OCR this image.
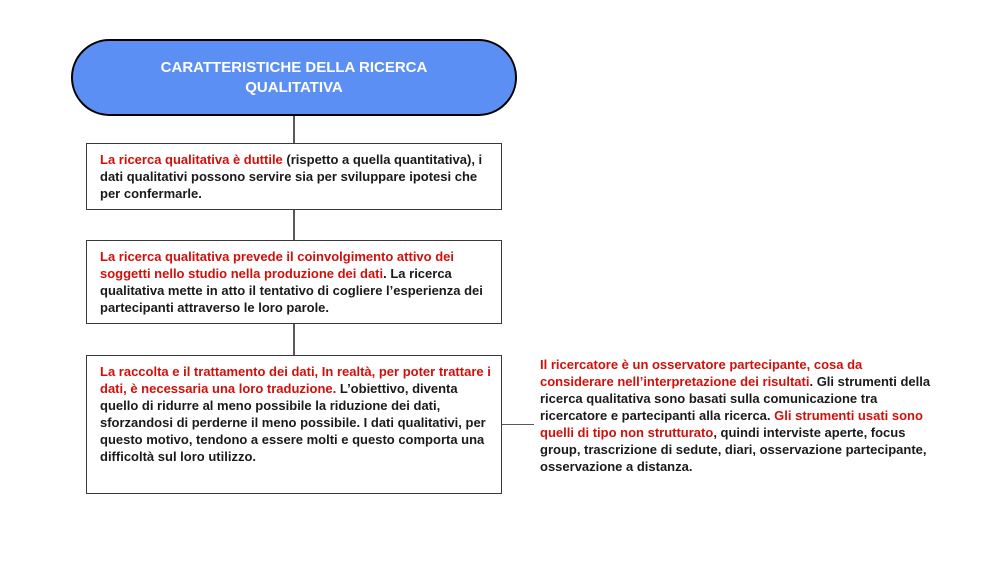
CARATTERISTICHE DELLA RICERCA
QUALITATIVA
La ricerca qualitativa è duttile (rispetto a quella quantitativa), i dati qualitativi possono servire sia per sviluppare ipotesi che per confermarle.
La ricerca qualitativa prevede il coinvolgimento attivo dei soggetti nello studio nella produzione dei dati. La ricerca qualitativa mette in atto il tentativo di cogliere l’esperienza dei partecipanti attraverso le loro parole.
La raccolta e il trattamento dei dati, In realtà, per poter trattare i dati, è necessaria una loro traduzione. L’obiettivo, diventa quello di ridurre al meno possibile la riduzione dei dati, sforzandosi di perderne il meno possibile. I dati qualitativi, per questo motivo, tendono a essere molti e questo comporta una difficoltà sul loro utilizzo.
Il ricercatore è un osservatore partecipante, cosa da considerare nell’interpretazione dei risultati. Gli strumenti della ricerca qualitativa sono basati sulla comunicazione tra ricercatore e partecipanti alla ricerca. Gli strumenti usati sono quelli di tipo non strutturato, quindi interviste aperte, focus group, trascrizione di sedute, diari, osservazione partecipante, osservazione a distanza.
